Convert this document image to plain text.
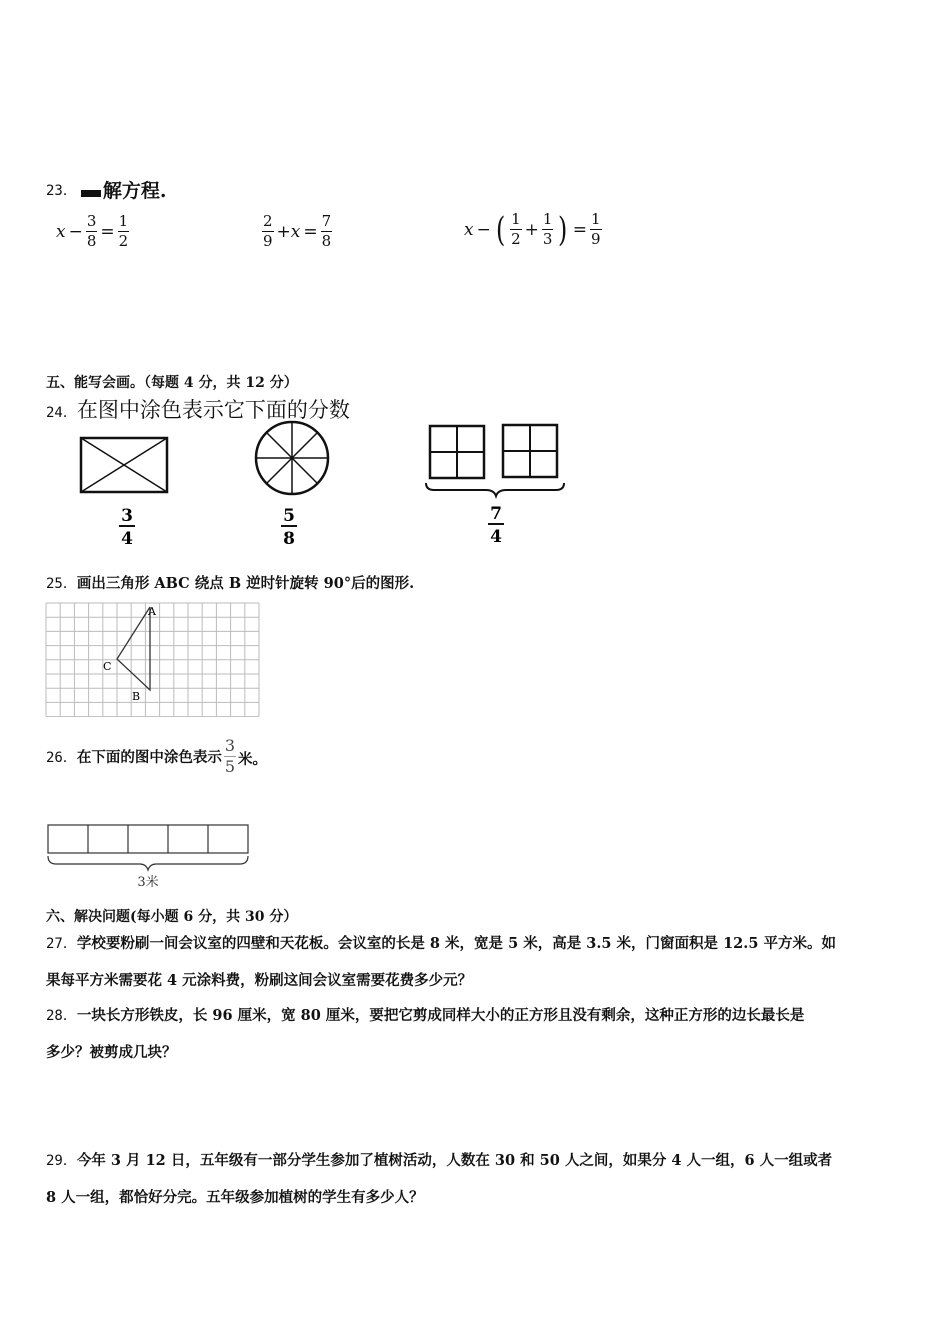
23． 解方程.
$x - \frac{3}{8} = \frac{1}{2}$	$\frac{2}{9} +x = \frac{7}{8}$	x − ( $\frac{1}{2} + \frac{1}{3}$ ) = $\frac{1}{9}$
五、能写会画。（每题 4 分，共 12 分）
24． 在图中涂色表示它下面的分数
3
4
5
8
7
4
25．画出三角形 ABC 绕点 B 逆时针旋转 90°后的图形.
A
C
B
26． 在下面的图中涂色表示 $\frac{3}{5}$ 米。
3米
六、解决问题(每小题 6 分，共 30 分）
27．学校要粉刷一间会议室的四壁和天花板。会议室的长是 8 米，宽是 5 米，高是 3.5 米，门窗面积是 12.5 平方米。如
果每平方米需要花 4 元涂料费，粉刷这间会议室需要花费多少元？
28．一块长方形铁皮，长 96 厘米，宽 80 厘米，要把它剪成同样大小的正方形且没有剩余，这种正方形的边长最长是
多少？被剪成几块？
29．今年 3 月 12 日，五年级有一部分学生参加了植树活动，人数在 30 和 50 人之间，如果分 4 人一组，6 人一组或者
8 人一组，都恰好分完。五年级参加植树的学生有多少人？
